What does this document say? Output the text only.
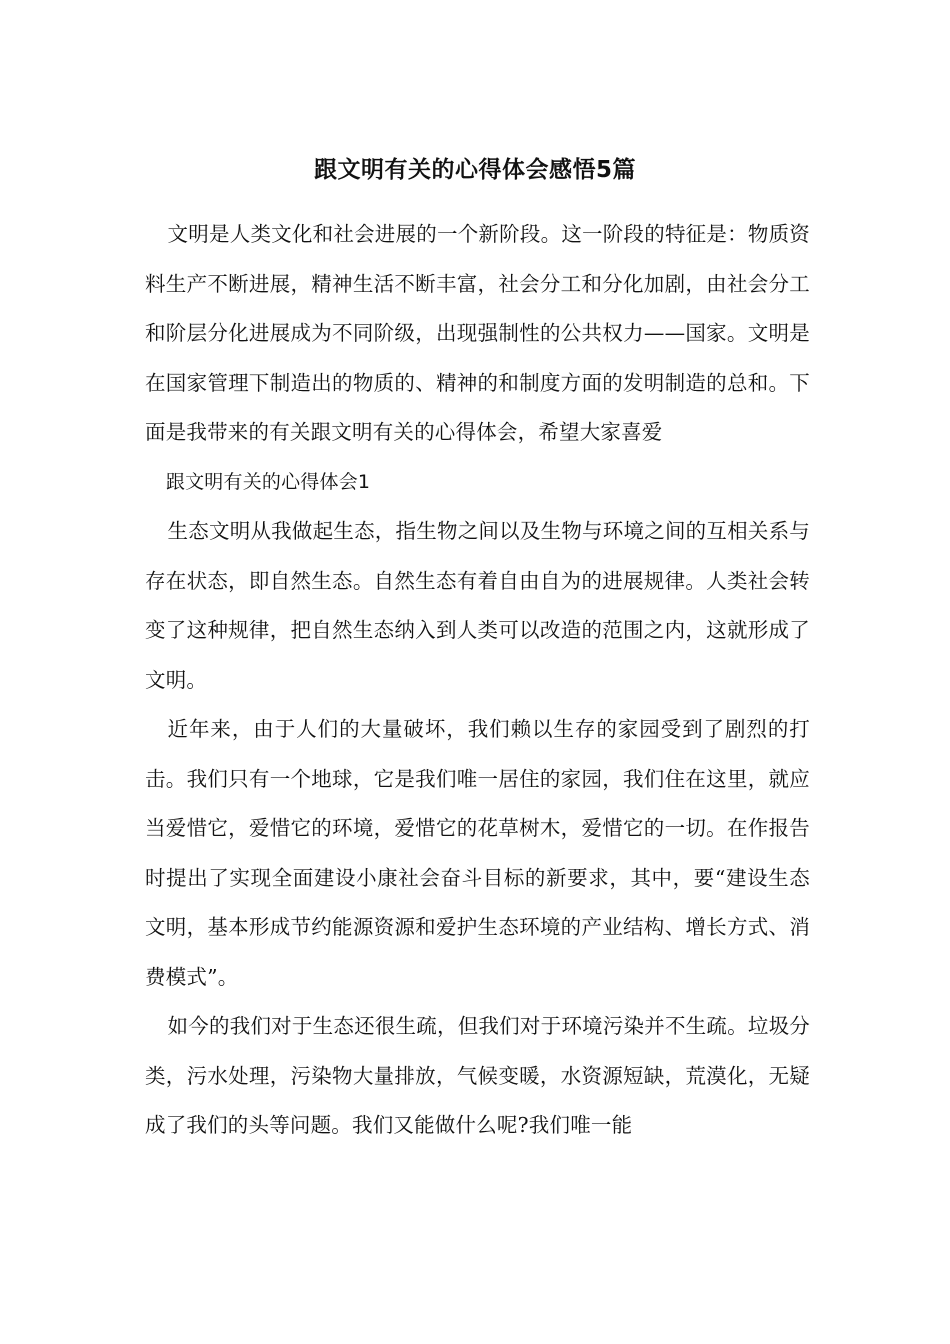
跟文明有关的心得体会感悟5篇

文明是人类文化和社会进展的一个新阶段。这一阶段的特征是：物质资料生产不断进展，精神生活不断丰富，社会分工和分化加剧，由社会分工和阶层分化进展成为不同阶级，出现强制性的公共权力——国家。文明是在国家管理下制造出的物质的、精神的和制度方面的发明制造的总和。下面是我带来的有关跟文明有关的心得体会，希望大家喜爱

跟文明有关的心得体会1

生态文明从我做起生态，指生物之间以及生物与环境之间的互相关系与存在状态，即自然生态。自然生态有着自由自为的进展规律。人类社会转变了这种规律，把自然生态纳入到人类可以改造的范围之内，这就形成了文明。

近年来，由于人们的大量破坏，我们赖以生存的家园受到了剧烈的打击。我们只有一个地球，它是我们唯一居住的家园，我们住在这里，就应当爱惜它，爱惜它的环境，爱惜它的花草树木，爱惜它的一切。在作报告时提出了实现全面建设小康社会奋斗目标的新要求，其中，要“建设生态文明，基本形成节约能源资源和爱护生态环境的产业结构、增长方式、消费模式”。

如今的我们对于生态还很生疏，但我们对于环境污染并不生疏。垃圾分类，污水处理，污染物大量排放，气候变暖，水资源短缺，荒漠化，无疑成了我们的头等问题。我们又能做什么呢?我们唯一能
